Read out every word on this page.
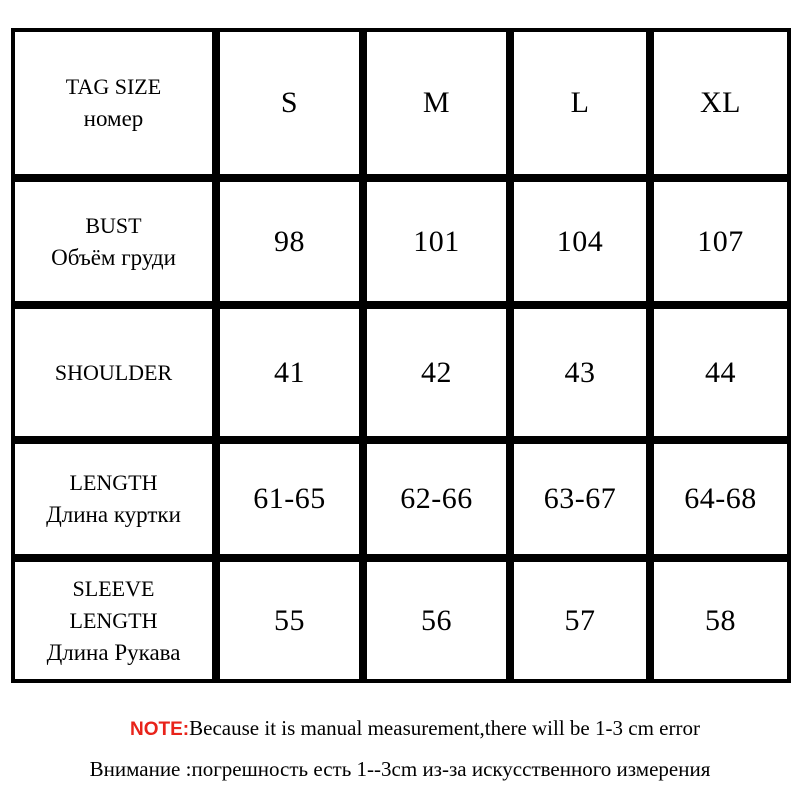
TAG SIZE
номер	S	M	L	XL

BUST
Объём груди	98	101	104	107

SHOULDER	41	42	43	44

LENGTH
Длина куртки	61-65	62-66	63-67	64-68

SLEEVE
LENGTH
Длина Рукава	55	56	57	58
NOTE:Because it is manual measurement,there will be 1-3 cm error
Внимание :погрешность есть 1--3cm из-за искусственного измерения
